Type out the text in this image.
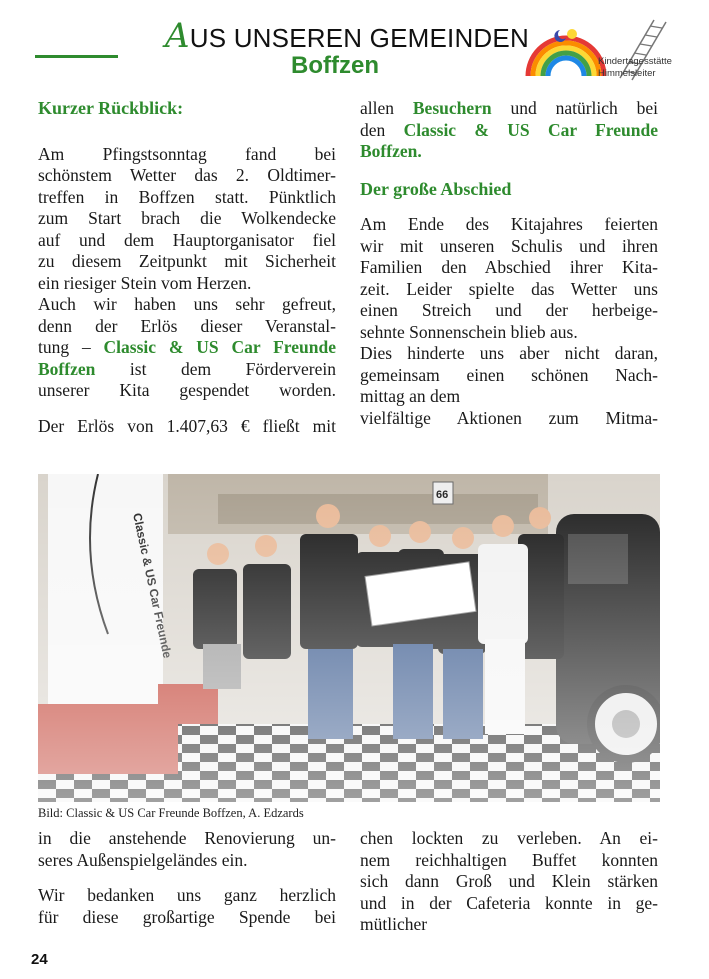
AUS UNSEREN GEMEINDEN
Boffzen	Kindertagesstätte
Himmelsleiter

Kurzer Rückblick:

Am Pfingstsonntag fand bei

schönstem Wetter das 2. Oldtimer-

treffen in Boffzen statt. Pünktlich

zum Start brach die Wolkendecke

auf und dem Hauptorganisator fiel

zu diesem Zeitpunkt mit Sicherheit

ein riesiger Stein vom Herzen.

Auch wir haben uns sehr gefreut,

denn der Erlös dieser Veranstal-

tung – Classic & US Car Freunde

Boffzen ist dem Förderverein

unserer Kita gespendet worden.

Der Erlös von 1.407,63 € fließt mit

allen Besuchern und natürlich bei

den Classic & US Car Freunde

Boffzen.

Der große Abschied

Am Ende des Kitajahres feierten

wir mit unseren Schulis und ihren

Familien den Abschied ihrer Kita-

zeit. Leider spielte das Wetter uns

einen Streich und der herbeige-

sehnte Sonnenschein blieb aus.

Dies hinderte uns aber nicht daran,

gemeinsam einen schönen Nach-

mittag an dem

vielfältige Aktionen zum Mitma-

Bild: Classic & US Car Freunde Boffzen, A. Edzards

in die anstehende Renovierung un-

seres Außenspielgeländes ein.

Wir bedanken uns ganz herzlich

für diese großartige Spende bei

chen lockten zu verleben. An ei-

nem reichhaltigen Buffet konnten

sich dann Groß und Klein stärken

und in der Cafeteria konnte in ge-

mütlicher

24
